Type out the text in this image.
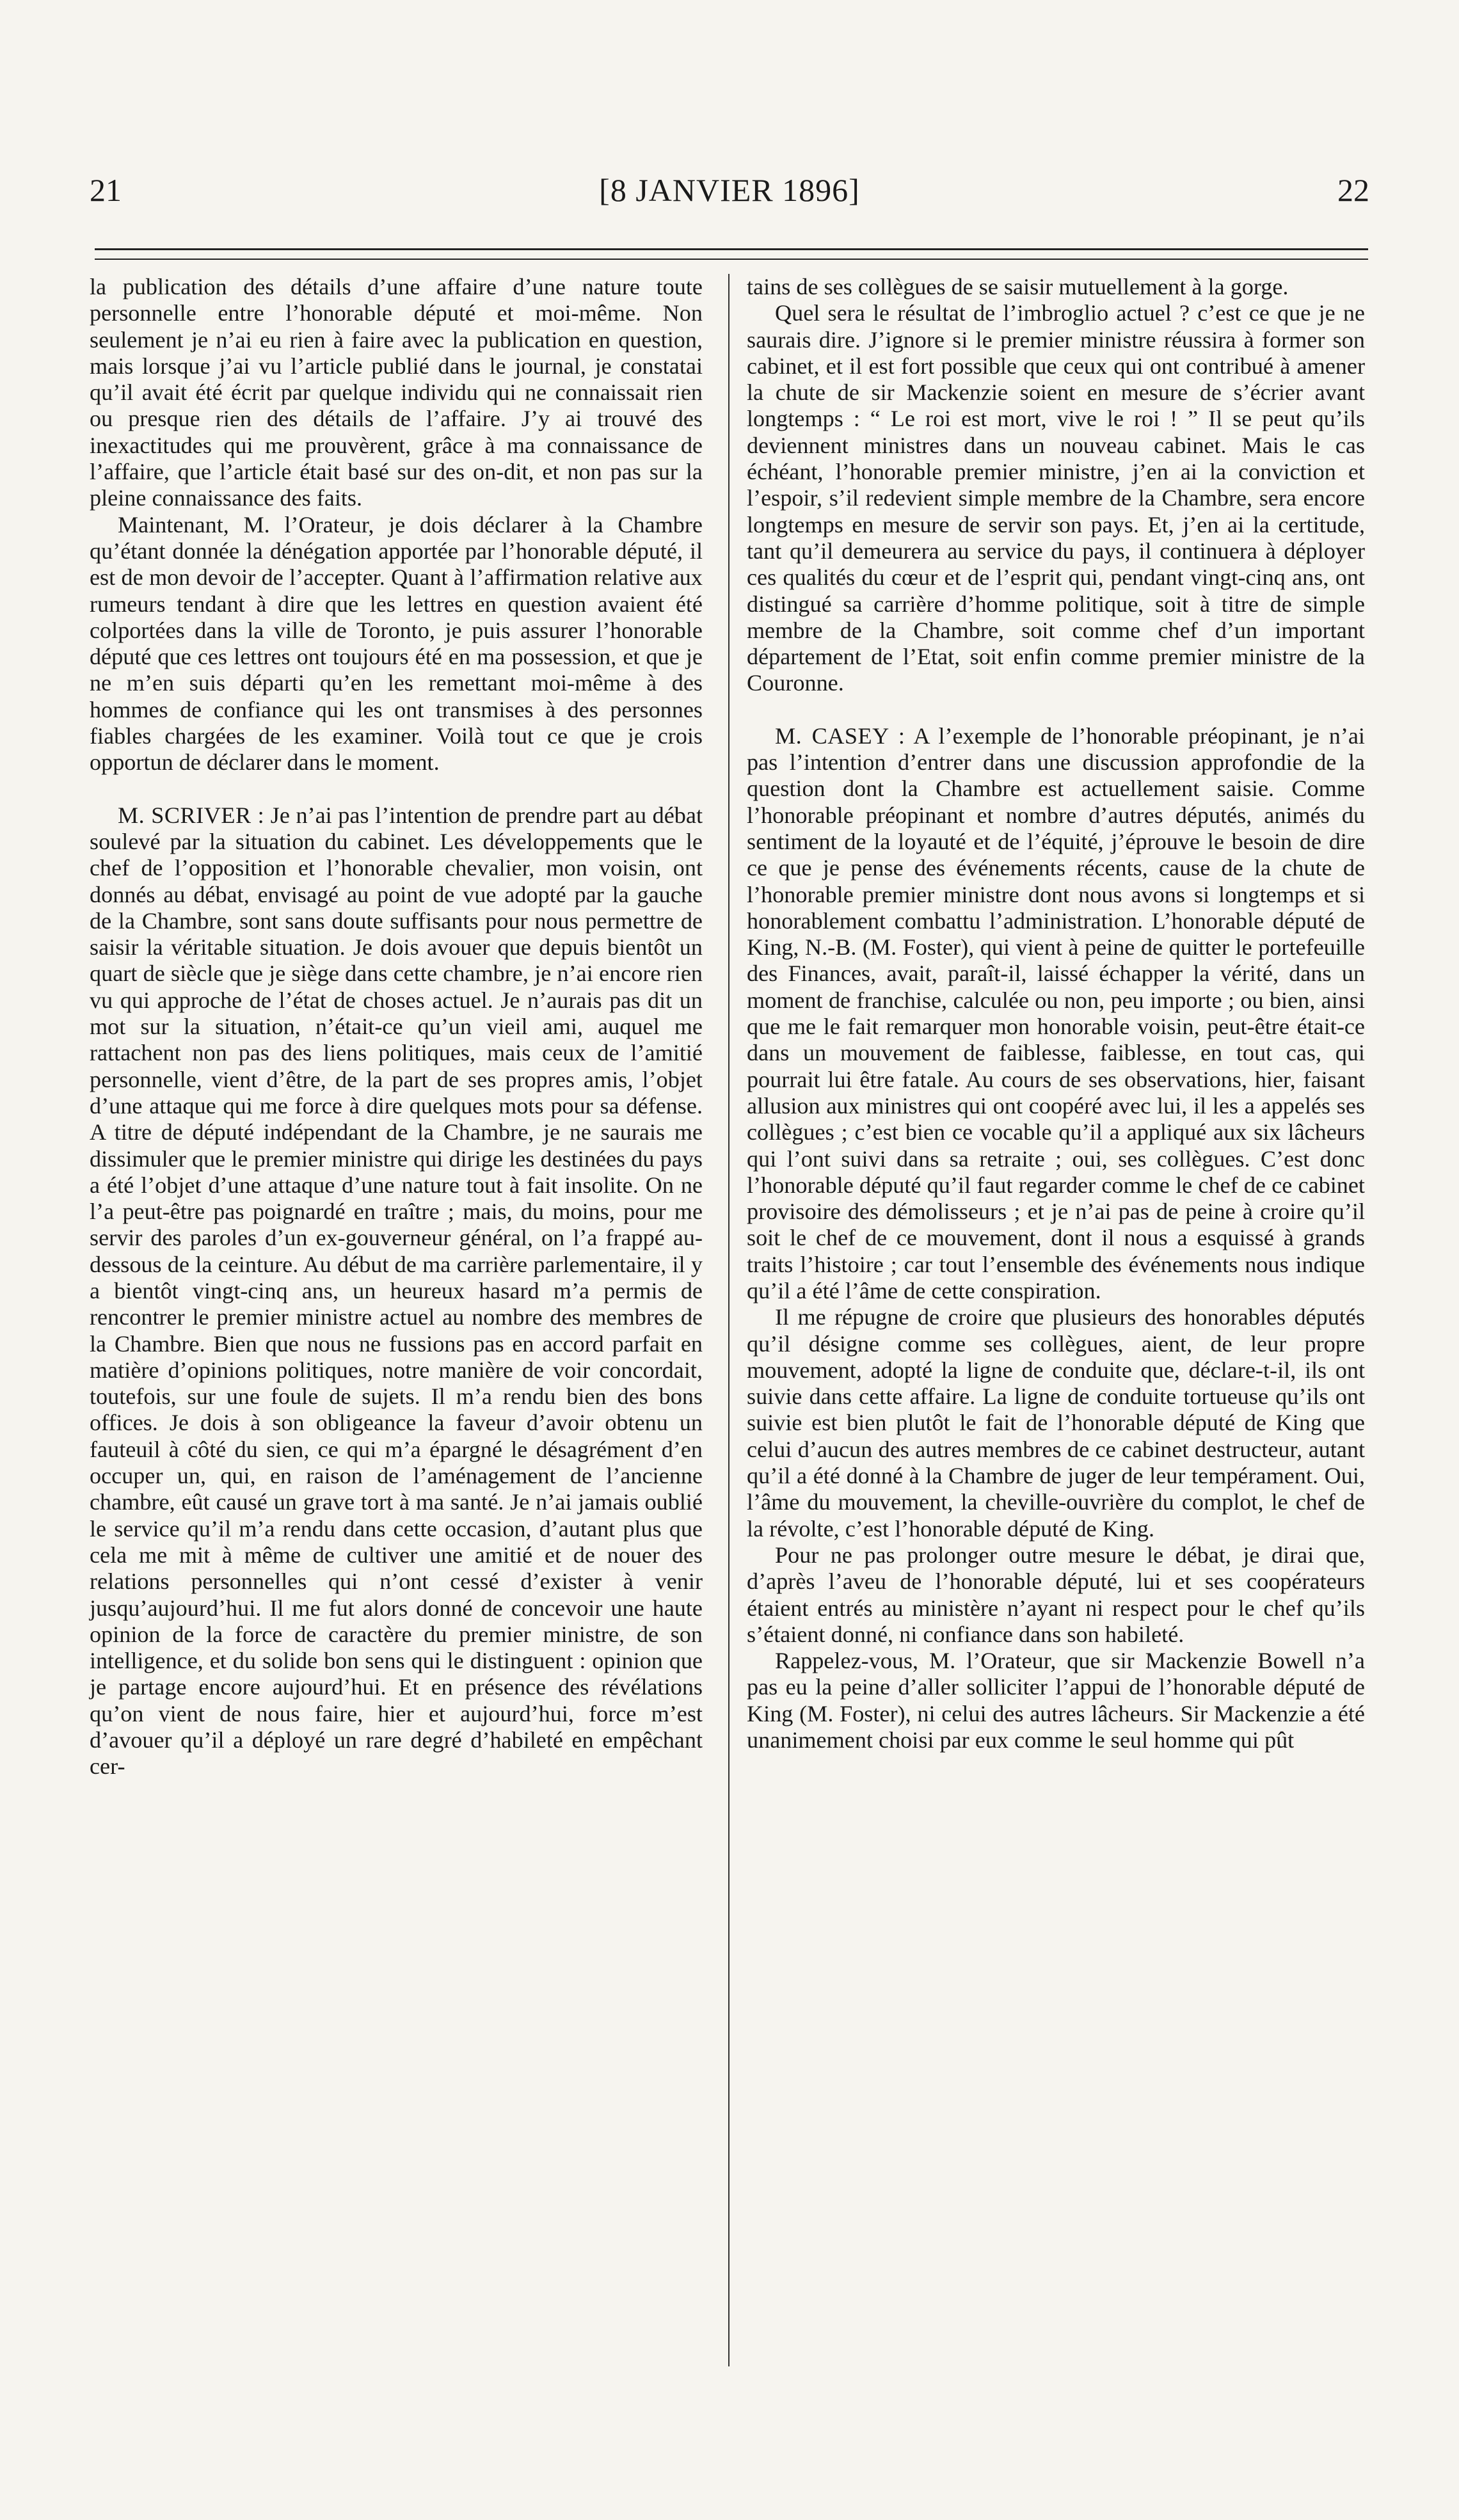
21	[8 JANVIER 1896]	22

la publication des détails d’une affaire d’une nature toute personnelle entre l’honorable député et moi-même. Non seulement je n’ai eu rien à faire avec la publication en question, mais lorsque j’ai vu l’article publié dans le journal, je constatai qu’il avait été écrit par quelque individu qui ne connaissait rien ou presque rien des détails de l’affaire. J’y ai trouvé des inexactitudes qui me prouvèrent, grâce à ma connaissance de l’affaire, que l’article était basé sur des on-dit, et non pas sur la pleine connaissance des faits.

Maintenant, M. l’Orateur, je dois déclarer à la Chambre qu’étant donnée la dénégation apportée par l’honorable député, il est de mon devoir de l’accepter. Quant à l’affirmation relative aux rumeurs tendant à dire que les lettres en question avaient été colportées dans la ville de Toronto, je puis assurer l’honorable député que ces lettres ont toujours été en ma possession, et que je ne m’en suis départi qu’en les remettant moi-même à des hommes de confiance qui les ont transmises à des personnes fiables chargées de les examiner. Voilà tout ce que je crois opportun de déclarer dans le moment.

M. SCRIVER : Je n’ai pas l’intention de prendre part au débat soulevé par la situation du cabinet. Les développements que le chef de l’opposition et l’honorable chevalier, mon voisin, ont donnés au débat, envisagé au point de vue adopté par la gauche de la Chambre, sont sans doute suffisants pour nous permettre de saisir la véritable situation. Je dois avouer que depuis bientôt un quart de siècle que je siège dans cette chambre, je n’ai encore rien vu qui approche de l’état de choses actuel. Je n’aurais pas dit un mot sur la situation, n’était-ce qu’un vieil ami, auquel me rattachent non pas des liens politiques, mais ceux de l’amitié personnelle, vient d’être, de la part de ses propres amis, l’objet d’une attaque qui me force à dire quelques mots pour sa défense. A titre de député indépendant de la Chambre, je ne saurais me dissimuler que le premier ministre qui dirige les destinées du pays a été l’objet d’une attaque d’une nature tout à fait insolite. On ne l’a peut-être pas poignardé en traître ; mais, du moins, pour me servir des paroles d’un ex-gouverneur général, on l’a frappé au-dessous de la ceinture. Au début de ma carrière parlementaire, il y a bientôt vingt-cinq ans, un heureux hasard m’a permis de rencontrer le premier ministre actuel au nombre des membres de la Chambre. Bien que nous ne fussions pas en accord parfait en matière d’opinions politiques, notre manière de voir concordait, toutefois, sur une foule de sujets. Il m’a rendu bien des bons offices. Je dois à son obligeance la faveur d’avoir obtenu un fauteuil à côté du sien, ce qui m’a épargné le désagrément d’en occuper un, qui, en raison de l’aménagement de l’ancienne chambre, eût causé un grave tort à ma santé. Je n’ai jamais oublié le service qu’il m’a rendu dans cette occasion, d’autant plus que cela me mit à même de cultiver une amitié et de nouer des relations personnelles qui n’ont cessé d’exister à venir jusqu’aujourd’hui. Il me fut alors donné de concevoir une haute opinion de la force de caractère du premier ministre, de son intelligence, et du solide bon sens qui le distinguent : opinion que je partage encore aujourd’hui. Et en présence des révélations qu’on vient de nous faire, hier et aujourd’hui, force m’est d’avouer qu’il a déployé un rare degré d’habileté en empêchant cer-

tains de ses collègues de se saisir mutuellement à la gorge.

Quel sera le résultat de l’imbroglio actuel ? c’est ce que je ne saurais dire. J’ignore si le premier ministre réussira à former son cabinet, et il est fort possible que ceux qui ont contribué à amener la chute de sir Mackenzie soient en mesure de s’écrier avant longtemps : “ Le roi est mort, vive le roi ! ” Il se peut qu’ils deviennent ministres dans un nouveau cabinet. Mais le cas échéant, l’honorable premier ministre, j’en ai la conviction et l’espoir, s’il redevient simple membre de la Chambre, sera encore longtemps en mesure de servir son pays. Et, j’en ai la certitude, tant qu’il demeurera au service du pays, il continuera à déployer ces qualités du cœur et de l’esprit qui, pendant vingt-cinq ans, ont distingué sa carrière d’homme politique, soit à titre de simple membre de la Chambre, soit comme chef d’un important département de l’Etat, soit enfin comme premier ministre de la Couronne.

M. CASEY : A l’exemple de l’honorable préopinant, je n’ai pas l’intention d’entrer dans une discussion approfondie de la question dont la Chambre est actuellement saisie. Comme l’honorable préopinant et nombre d’autres députés, animés du sentiment de la loyauté et de l’équité, j’éprouve le besoin de dire ce que je pense des événements récents, cause de la chute de l’honorable premier ministre dont nous avons si longtemps et si honorablement combattu l’administration. L’honorable député de King, N.-B. (M. Foster), qui vient à peine de quitter le portefeuille des Finances, avait, paraît-il, laissé échapper la vérité, dans un moment de franchise, calculée ou non, peu importe ; ou bien, ainsi que me le fait remarquer mon honorable voisin, peut-être était-ce dans un mouvement de faiblesse, faiblesse, en tout cas, qui pourrait lui être fatale. Au cours de ses observations, hier, faisant allusion aux ministres qui ont coopéré avec lui, il les a appelés ses collègues ; c’est bien ce vocable qu’il a appliqué aux six lâcheurs qui l’ont suivi dans sa retraite ; oui, ses collègues. C’est donc l’honorable député qu’il faut regarder comme le chef de ce cabinet provisoire des démolisseurs ; et je n’ai pas de peine à croire qu’il soit le chef de ce mouvement, dont il nous a esquissé à grands traits l’histoire ; car tout l’ensemble des événements nous indique qu’il a été l’âme de cette conspiration.

Il me répugne de croire que plusieurs des honorables députés qu’il désigne comme ses collègues, aient, de leur propre mouvement, adopté la ligne de conduite que, déclare-t-il, ils ont suivie dans cette affaire. La ligne de conduite tortueuse qu’ils ont suivie est bien plutôt le fait de l’honorable député de King que celui d’aucun des autres membres de ce cabinet destructeur, autant qu’il a été donné à la Chambre de juger de leur tempérament. Oui, l’âme du mouvement, la cheville-ouvrière du complot, le chef de la révolte, c’est l’honorable député de King.

Pour ne pas prolonger outre mesure le débat, je dirai que, d’après l’aveu de l’honorable député, lui et ses coopérateurs étaient entrés au ministère n’ayant ni respect pour le chef qu’ils s’étaient donné, ni confiance dans son habileté.

Rappelez-vous, M. l’Orateur, que sir Mackenzie Bowell n’a pas eu la peine d’aller solliciter l’appui de l’honorable député de King (M. Foster), ni celui des autres lâcheurs. Sir Mackenzie a été unanimement choisi par eux comme le seul homme qui pût
